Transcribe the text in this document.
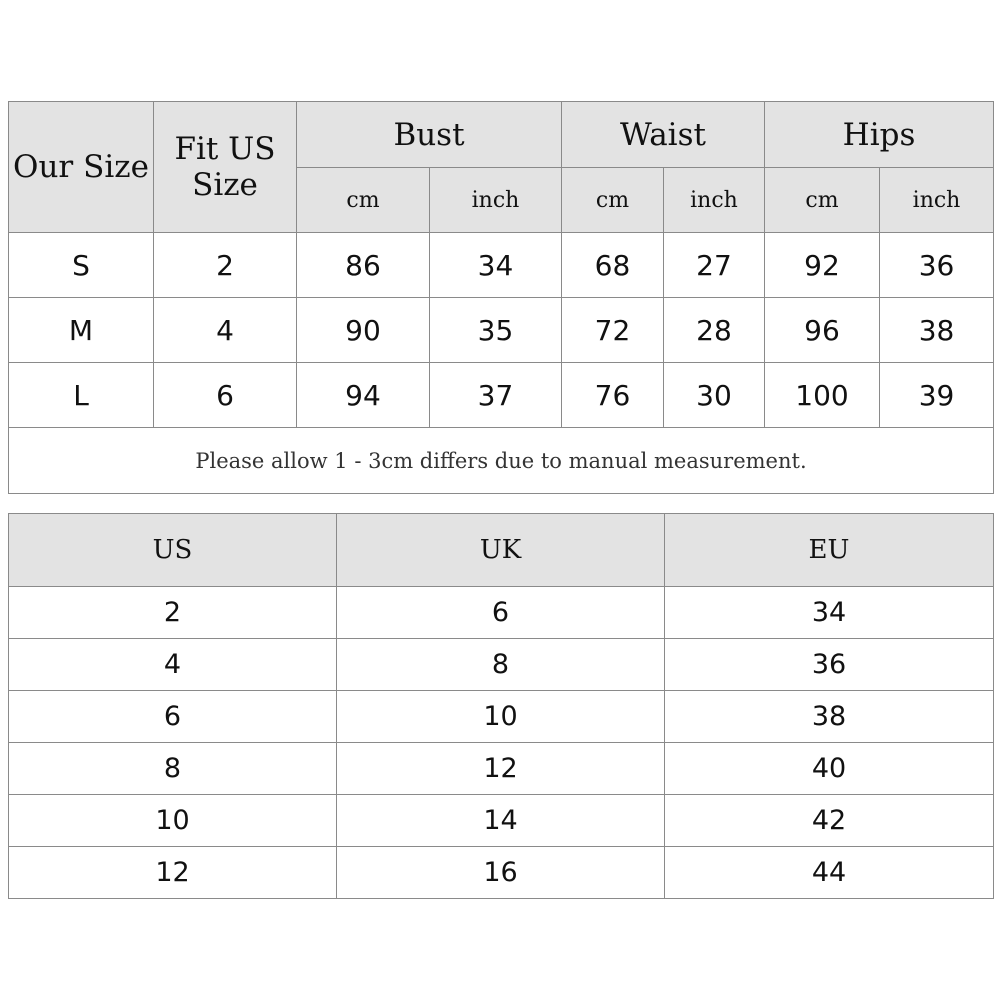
Our Size	Fit US Size	Bust		Waist		Hips	
		cm	inch	cm	inch	cm	inch
S	2	86	34	68	27	92	36
M	4	90	35	72	28	96	38
L	6	94	37	76	30	100	39
Please allow 1 - 3cm differs due to manual measurement.							
US	UK	EU
2	6	34
4	8	36
6	10	38
8	12	40
10	14	42
12	16	44
